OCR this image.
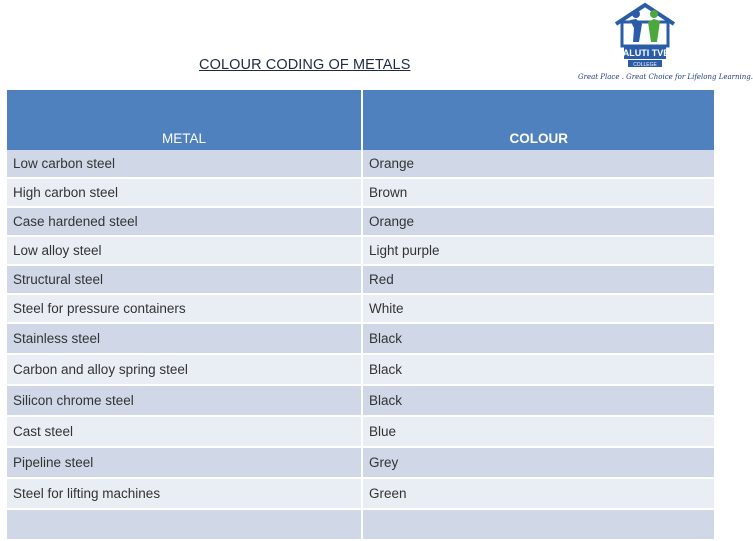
COLOUR CODING OF METALS
MALUTI TVET
COLLEGE
Great Place . Great Choice for Lifelong Learning.
METAL	COLOUR
Low carbon steel	Orange
High carbon steel	Brown
Case hardened steel	Orange
Low alloy steel	Light purple
Structural steel	Red
Steel for pressure containers	White
Stainless steel	Black
Carbon and alloy spring steel	Black
Silicon chrome steel	Black
Cast steel	Blue
Pipeline steel	Grey
Steel for lifting machines	Green
